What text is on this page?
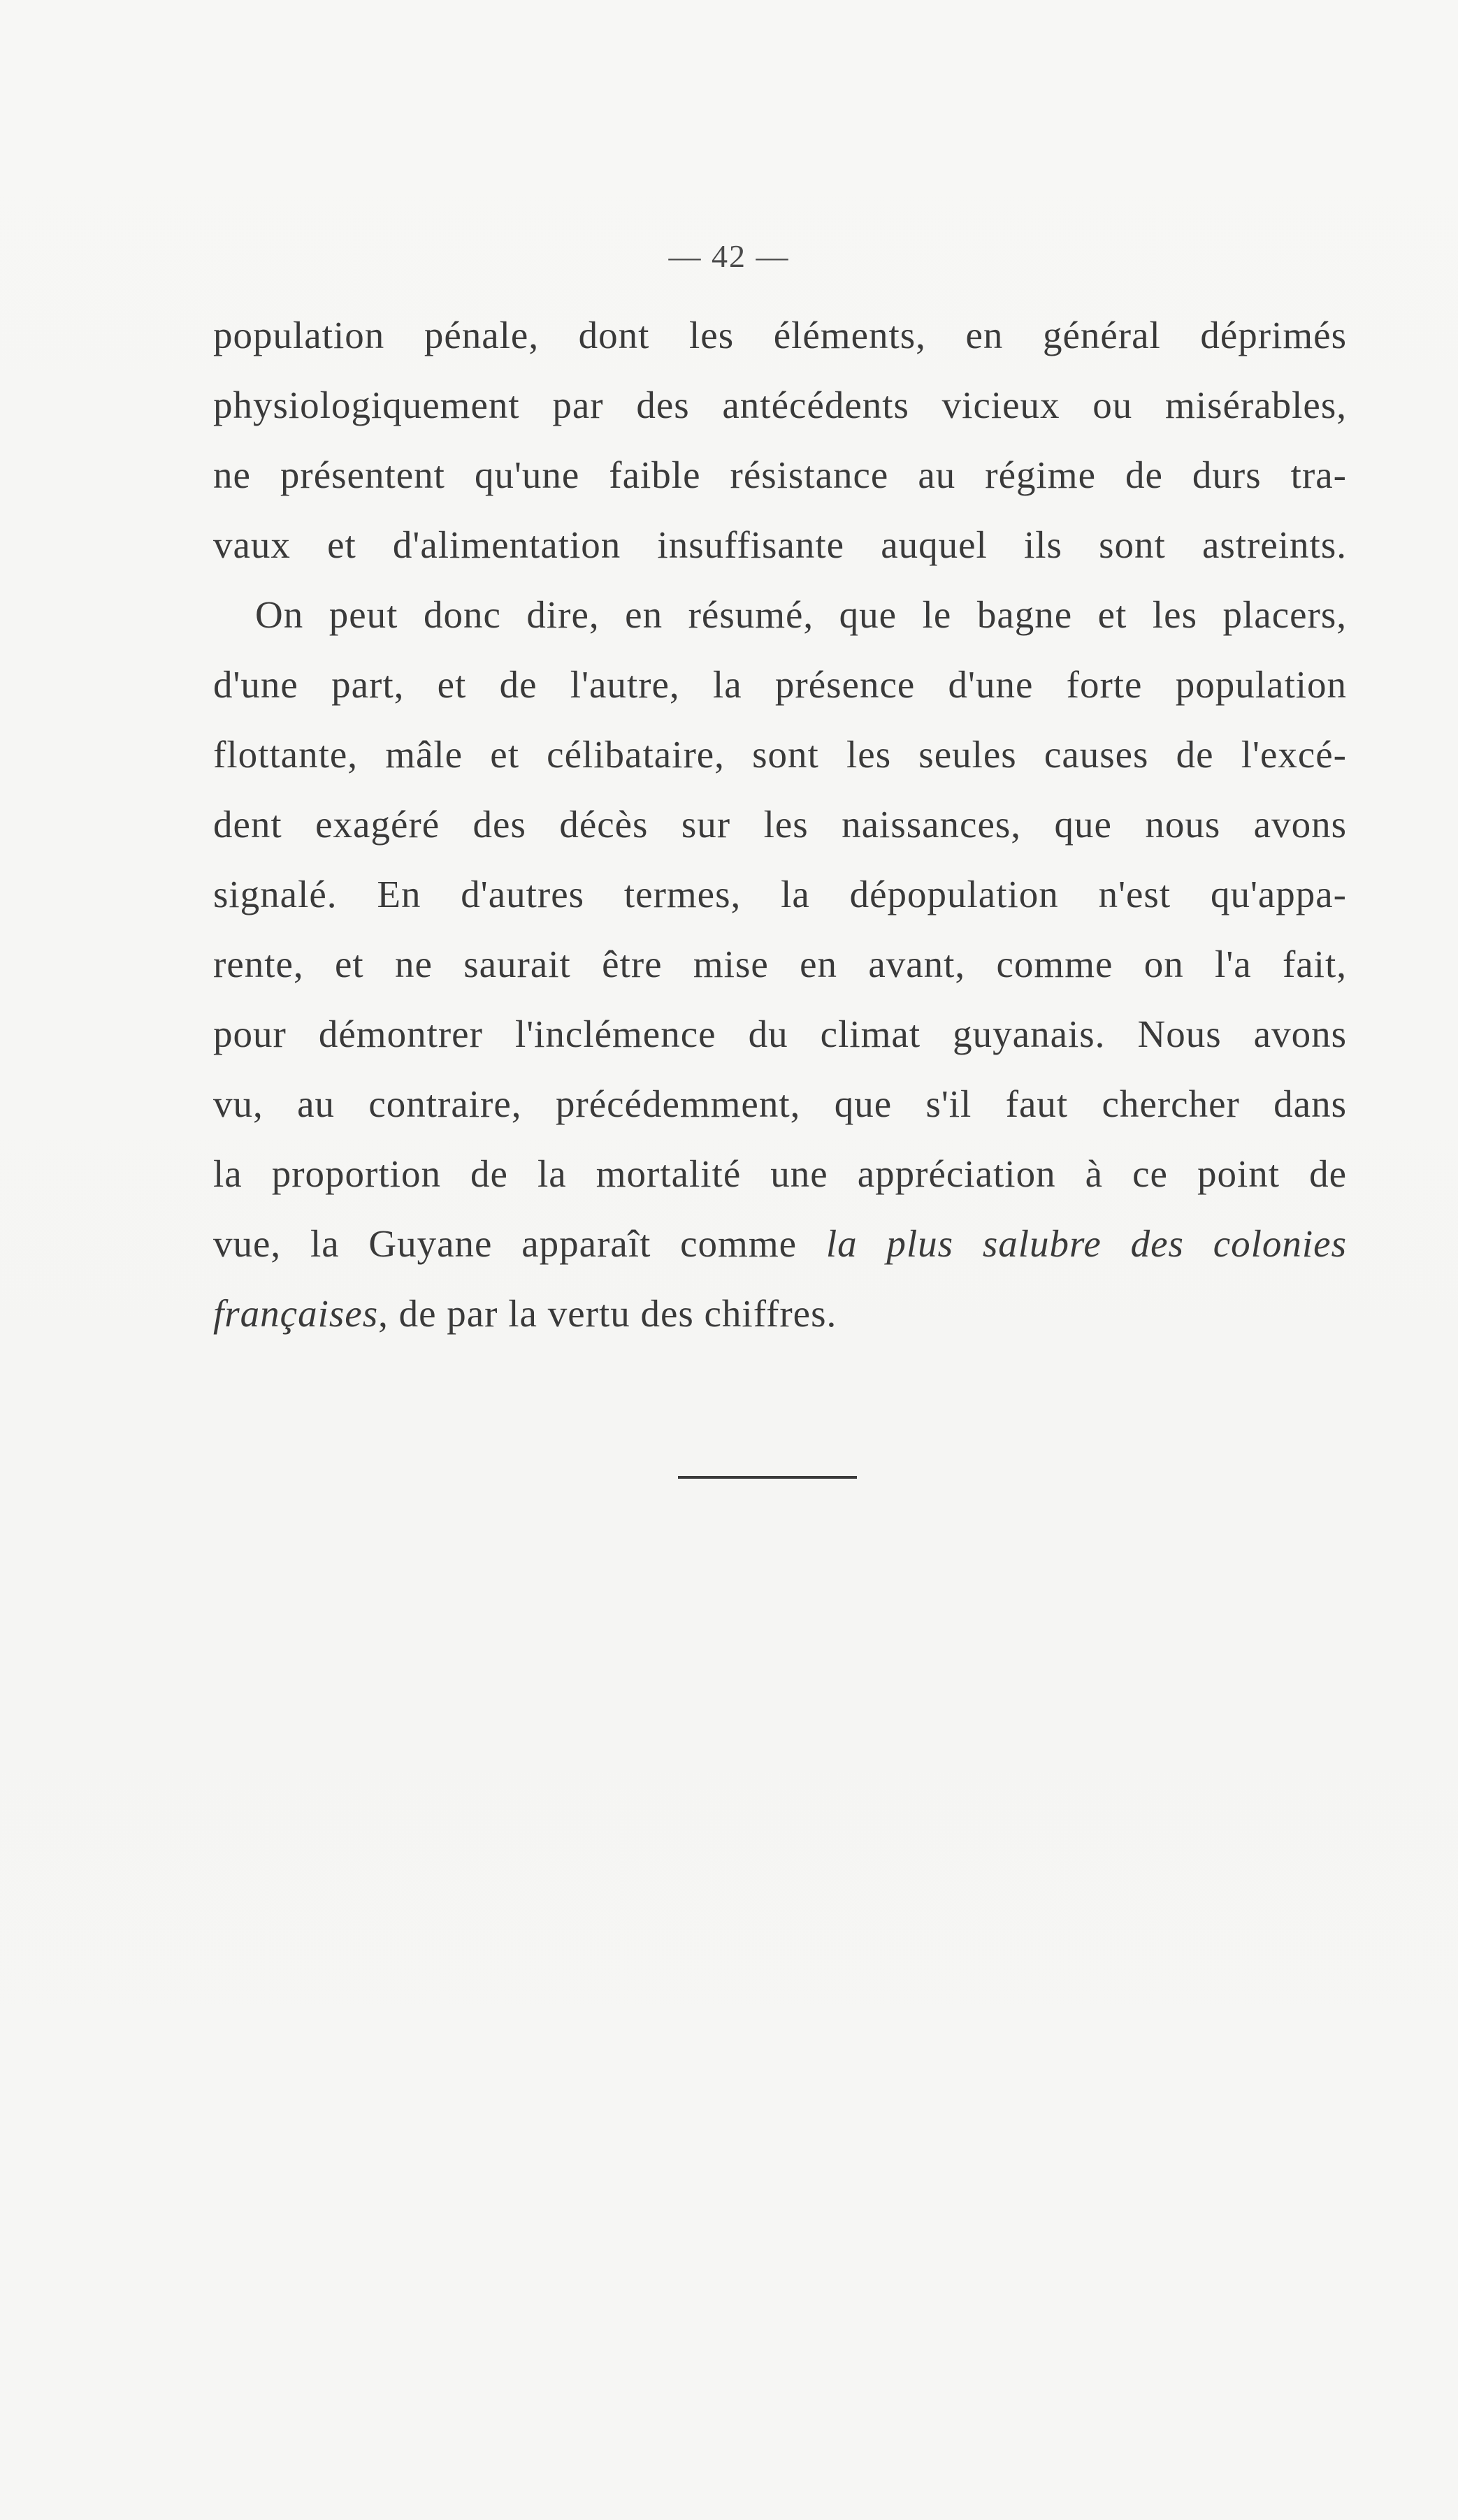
— 42 —
population pénale, dont les éléments, en général déprimés
physiologiquement par des antécédents vicieux ou misérables,
ne présentent qu'une faible résistance au régime de durs tra-
vaux et d'alimentation insuffisante auquel ils sont astreints.
On peut donc dire, en résumé, que le bagne et les placers,
d'une part, et de l'autre, la présence d'une forte population
flottante, mâle et célibataire, sont les seules causes de l'excé-
dent exagéré des décès sur les naissances, que nous avons
signalé. En d'autres termes, la dépopulation n'est qu'appa-
rente, et ne saurait être mise en avant, comme on l'a fait,
pour démontrer l'inclémence du climat guyanais. Nous avons
vu, au contraire, précédemment, que s'il faut chercher dans
la proportion de la mortalité une appréciation à ce point de
vue, la Guyane apparaît comme la plus salubre des colonies
françaises, de par la vertu des chiffres.
